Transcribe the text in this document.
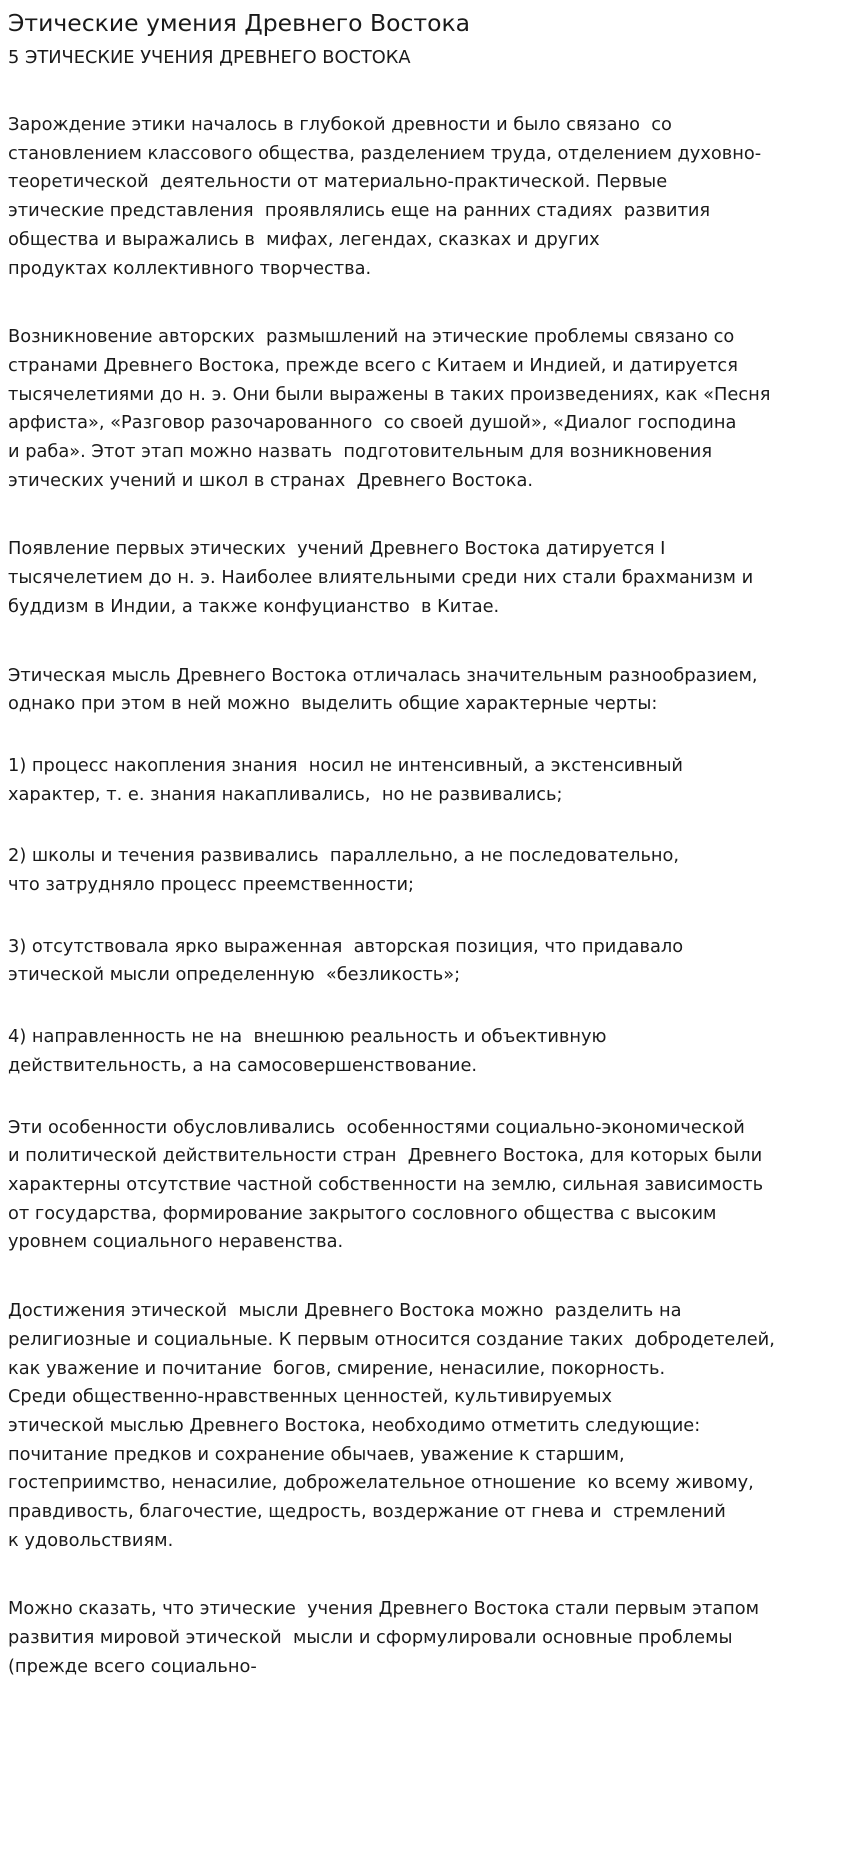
Этические умения Древнего Востока
5 ЭТИЧЕСКИЕ УЧЕНИЯ ДРЕВНЕГО ВОСТОКА

Зарождение этики началось в глубокой древности и было связано  со
становлением классового общества, разделением труда, отделением духовно-
теоретической  деятельности от материально-практической. Первые
этические представления  проявлялись еще на ранних стадиях  развития
общества и выражались в  мифах, легендах, сказках и других
продуктах коллективного творчества.

Возникновение авторских  размышлений на этические проблемы связано со
странами Древнего Востока, прежде всего с Китаем и Индией, и датируется
тысячелетиями до н. э. Они были выражены в таких произведениях, как «Песня
арфиста», «Разговор разочарованного  со своей душой», «Диалог господина
и раба». Этот этап можно назвать  подготовительным для возникновения
этических учений и школ в странах  Древнего Востока.

Появление первых этических  учений Древнего Востока датируется I
тысячелетием до н. э. Наиболее влиятельными среди них стали брахманизм и
буддизм в Индии, а также конфуцианство  в Китае.

Этическая мысль Древнего Востока отличалась значительным разнообразием,
однако при этом в ней можно  выделить общие характерные черты:

1) процесс накопления знания  носил не интенсивный, а экстенсивный
характер, т. е. знания накапливались,  но не развивались;

2) школы и течения развивались  параллельно, а не последовательно,
что затрудняло процесс преемственности;

3) отсутствовала ярко выраженная  авторская позиция, что придавало
этической мысли определенную  «безликость»;

4) направленность не на  внешнюю реальность и объективную
действительность, а на самосовершенствование.

Эти особенности обусловливались  особенностями социально-экономической
и политической действительности стран  Древнего Востока, для которых были
характерны отсутствие частной собственности на землю, сильная зависимость
от государства, формирование закрытого сословного общества с высоким
уровнем социального неравенства.

Достижения этической  мысли Древнего Востока можно  разделить на
религиозные и социальные. К первым относится создание таких  добродетелей,
как уважение и почитание  богов, смирение, ненасилие, покорность.
Среди общественно-нравственных ценностей, культивируемых
этической мыслью Древнего Востока, необходимо отметить следующие:
почитание предков и сохранение обычаев, уважение к старшим,
гостеприимство, ненасилие, доброжелательное отношение  ко всему живому,
правдивость, благочестие, щедрость, воздержание от гнева и  стремлений
к удовольствиям.

Можно сказать, что этические  учения Древнего Востока стали первым этапом
развития мировой этической  мысли и сформулировали основные проблемы
(прежде всего социально-
